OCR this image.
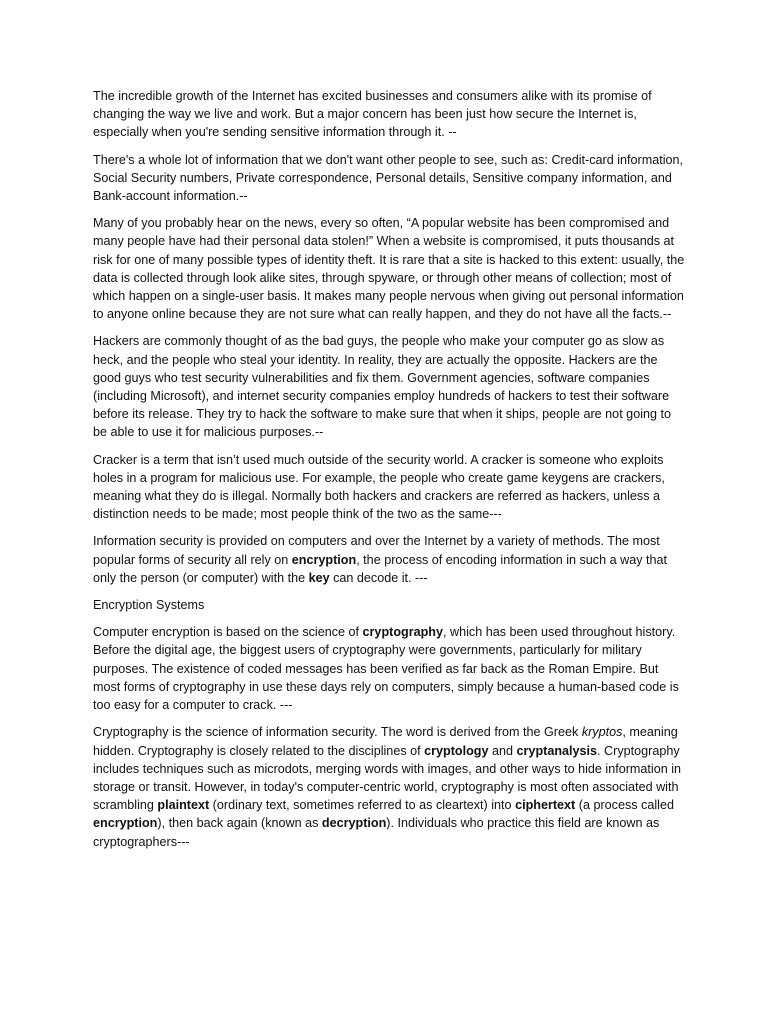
The incredible growth of the Internet has excited businesses and consumers alike with its promise of changing the way we live and work. But a major concern has been just how secure the Internet is, especially when you're sending sensitive information through it. --

There's a whole lot of information that we don't want other people to see, such as: Credit-card information, Social Security numbers, Private correspondence, Personal details, Sensitive company information, and Bank-account information.--

Many of you probably hear on the news, every so often, “A popular website has been compromised and many people have had their personal data stolen!” When a website is compromised, it puts thousands at risk for one of many possible types of identity theft. It is rare that a site is hacked to this extent: usually, the data is collected through look alike sites, through spyware, or through other means of collection; most of which happen on a single-user basis. It makes many people nervous when giving out personal information to anyone online because they are not sure what can really happen, and they do not have all the facts.--

Hackers are commonly thought of as the bad guys, the people who make your computer go as slow as heck, and the people who steal your identity. In reality, they are actually the opposite. Hackers are the good guys who test security vulnerabilities and fix them. Government agencies, software companies (including Microsoft), and internet security companies employ hundreds of hackers to test their software before its release. They try to hack the software to make sure that when it ships, people are not going to be able to use it for malicious purposes.--

Cracker is a term that isn’t used much outside of the security world. A cracker is someone who exploits holes in a program for malicious use. For example, the people who create game keygens are crackers, meaning what they do is illegal. Normally both hackers and crackers are referred as hackers, unless a distinction needs to be made; most people think of the two as the same---

Information security is provided on computers and over the Internet by a variety of methods. The most popular forms of security all rely on encryption, the process of encoding information in such a way that only the person (or computer) with the key can decode it. ---

Encryption Systems

Computer encryption is based on the science of cryptography, which has been used throughout history. Before the digital age, the biggest users of cryptography were governments, particularly for military purposes. The existence of coded messages has been verified as far back as the Roman Empire. But most forms of cryptography in use these days rely on computers, simply because a human-based code is too easy for a computer to crack. ---

Cryptography is the science of information security. The word is derived from the Greek kryptos, meaning hidden. Cryptography is closely related to the disciplines of cryptology and cryptanalysis. Cryptography includes techniques such as microdots, merging words with images, and other ways to hide information in storage or transit. However, in today's computer-centric world, cryptography is most often associated with scrambling plaintext (ordinary text, sometimes referred to as cleartext) into ciphertext (a process called encryption), then back again (known as decryption). Individuals who practice this field are known as cryptographers---
